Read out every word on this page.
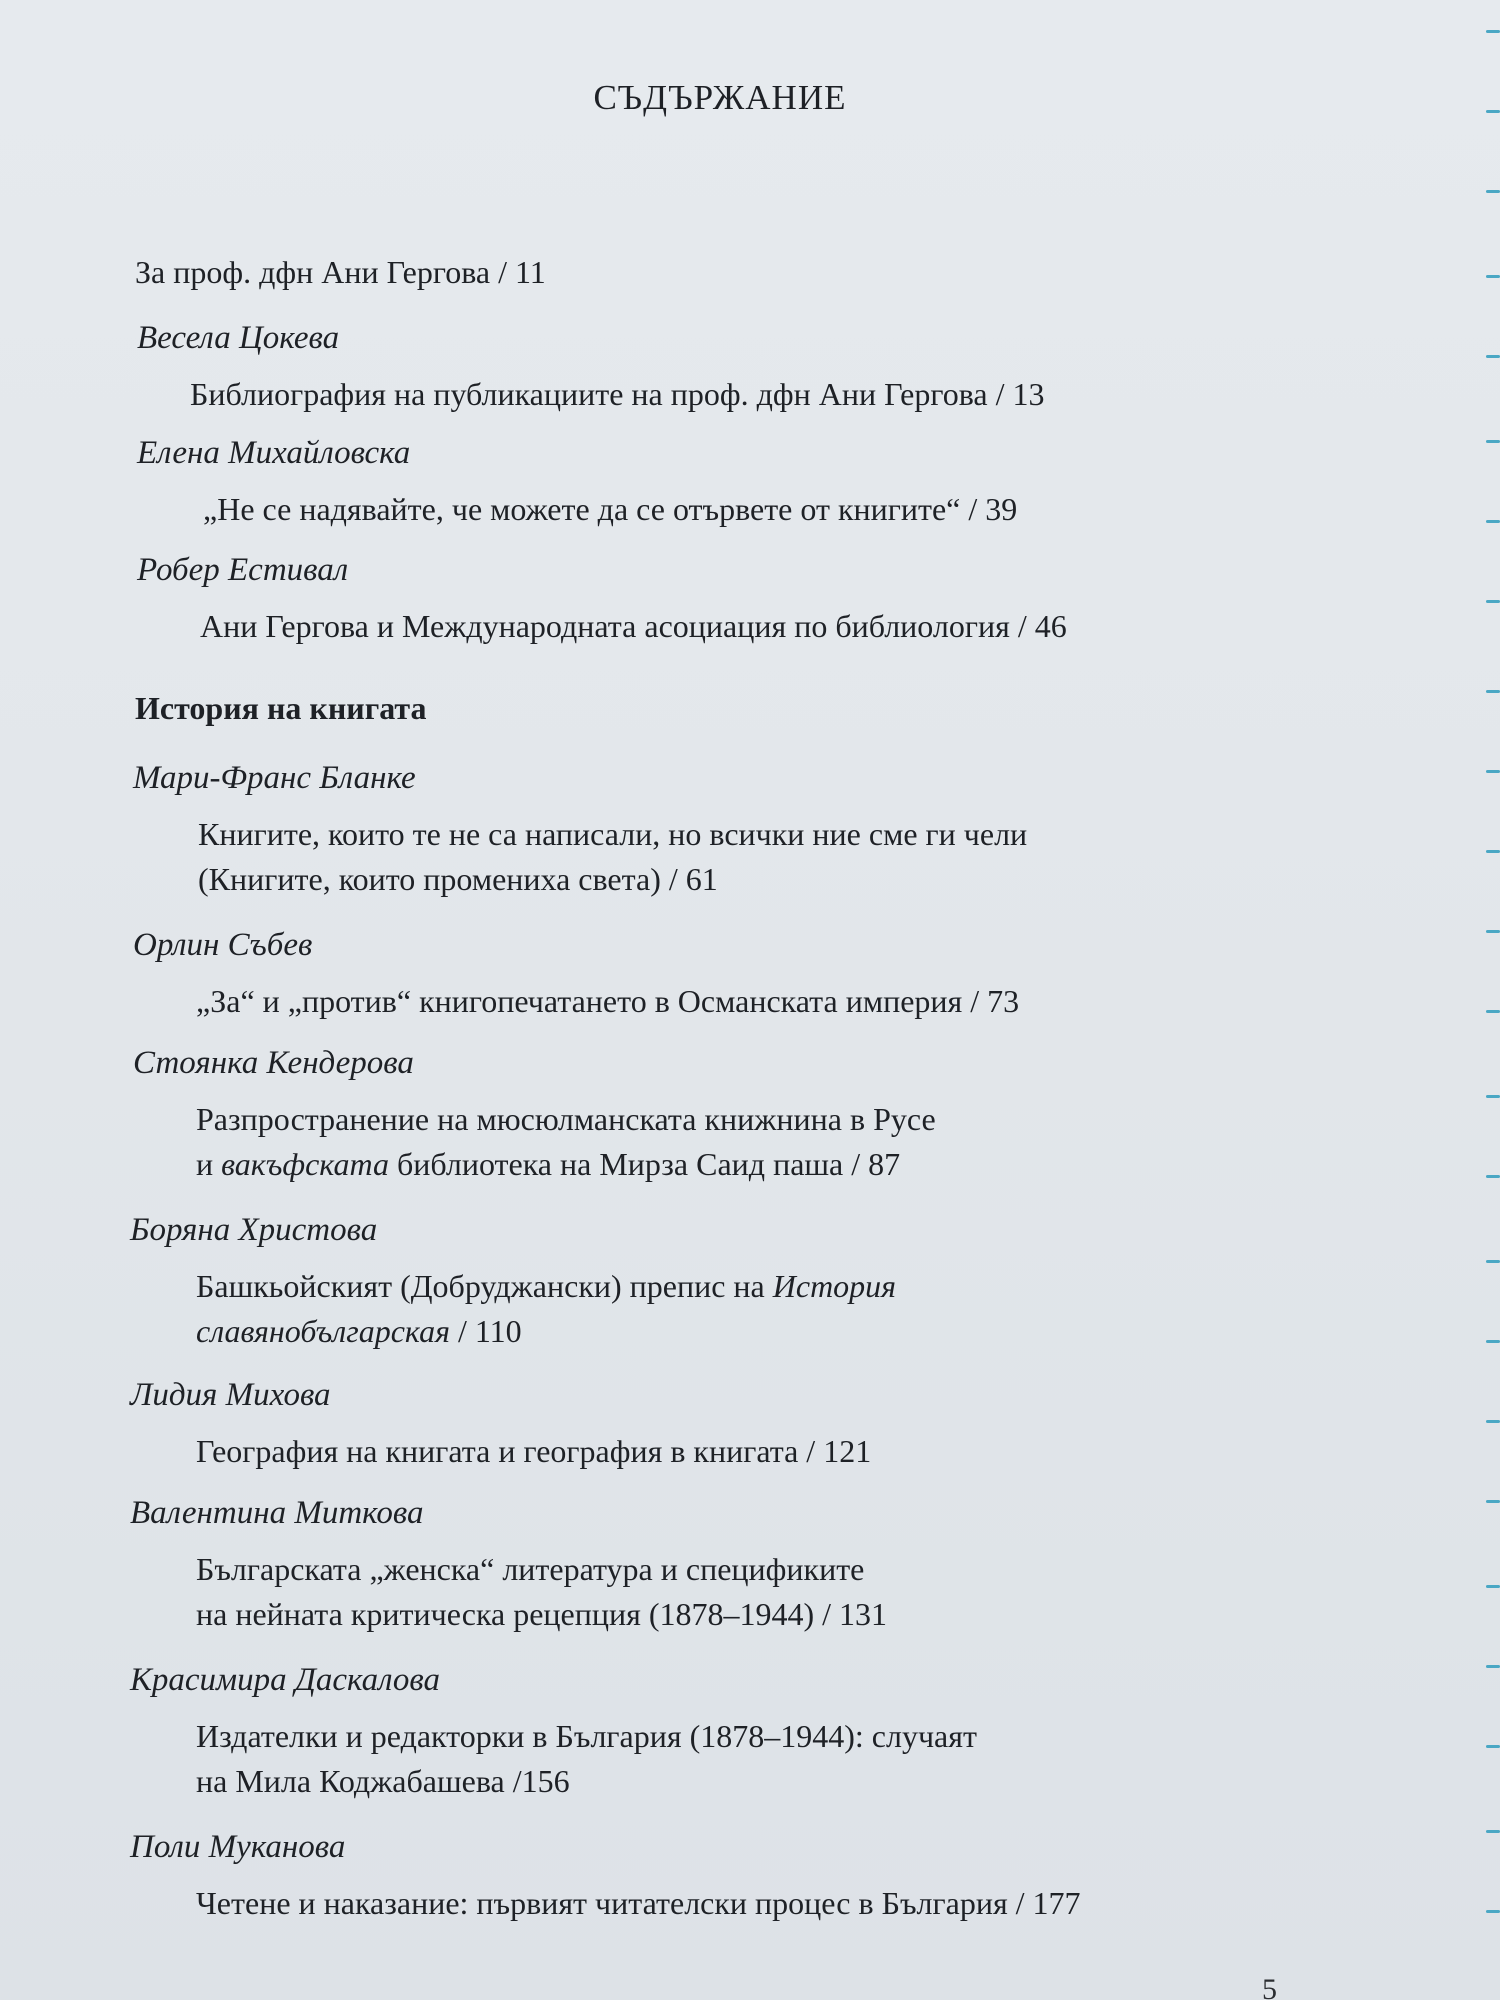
СЪДЪРЖАНИЕ
За проф. дфн Ани Гергова / 11
Весела Цокева
Библиография на публикациите на проф. дфн Ани Гергова / 13
Елена Михайловска
„Не се надявайте, че можете да се отървете от книгите“ / 39
Робер Естивал
Ани Гергова и Международната асоциация по библиология / 46
История на книгата
Мари-Франс Бланке
Книгите, които те не са написали, но всички ние сме ги чели
(Книгите, които промениха света) / 61
Орлин Събев
„За“ и „против“ книгопечатането в Османската империя / 73
Стоянка Кендерова
Разпространение на мюсюлманската книжнина в Русе
и вакъфската библиотека на Мирза Саид паша / 87
Боряна Христова
Башкьойският (Добруджански) препис на История
славянобългарская / 110
Лидия Михова
География на книгата и география в книгата / 121
Валентина Миткова
Българската „женска“ литература и спецификите
на нейната критическа рецепция (1878–1944) / 131
Красимира Даскалова
Издателки и редакторки в България (1878–1944): случаят
на Мила Коджабашева /156
Поли Муканова
Четене и наказание: първият читателски процес в България / 177
5
